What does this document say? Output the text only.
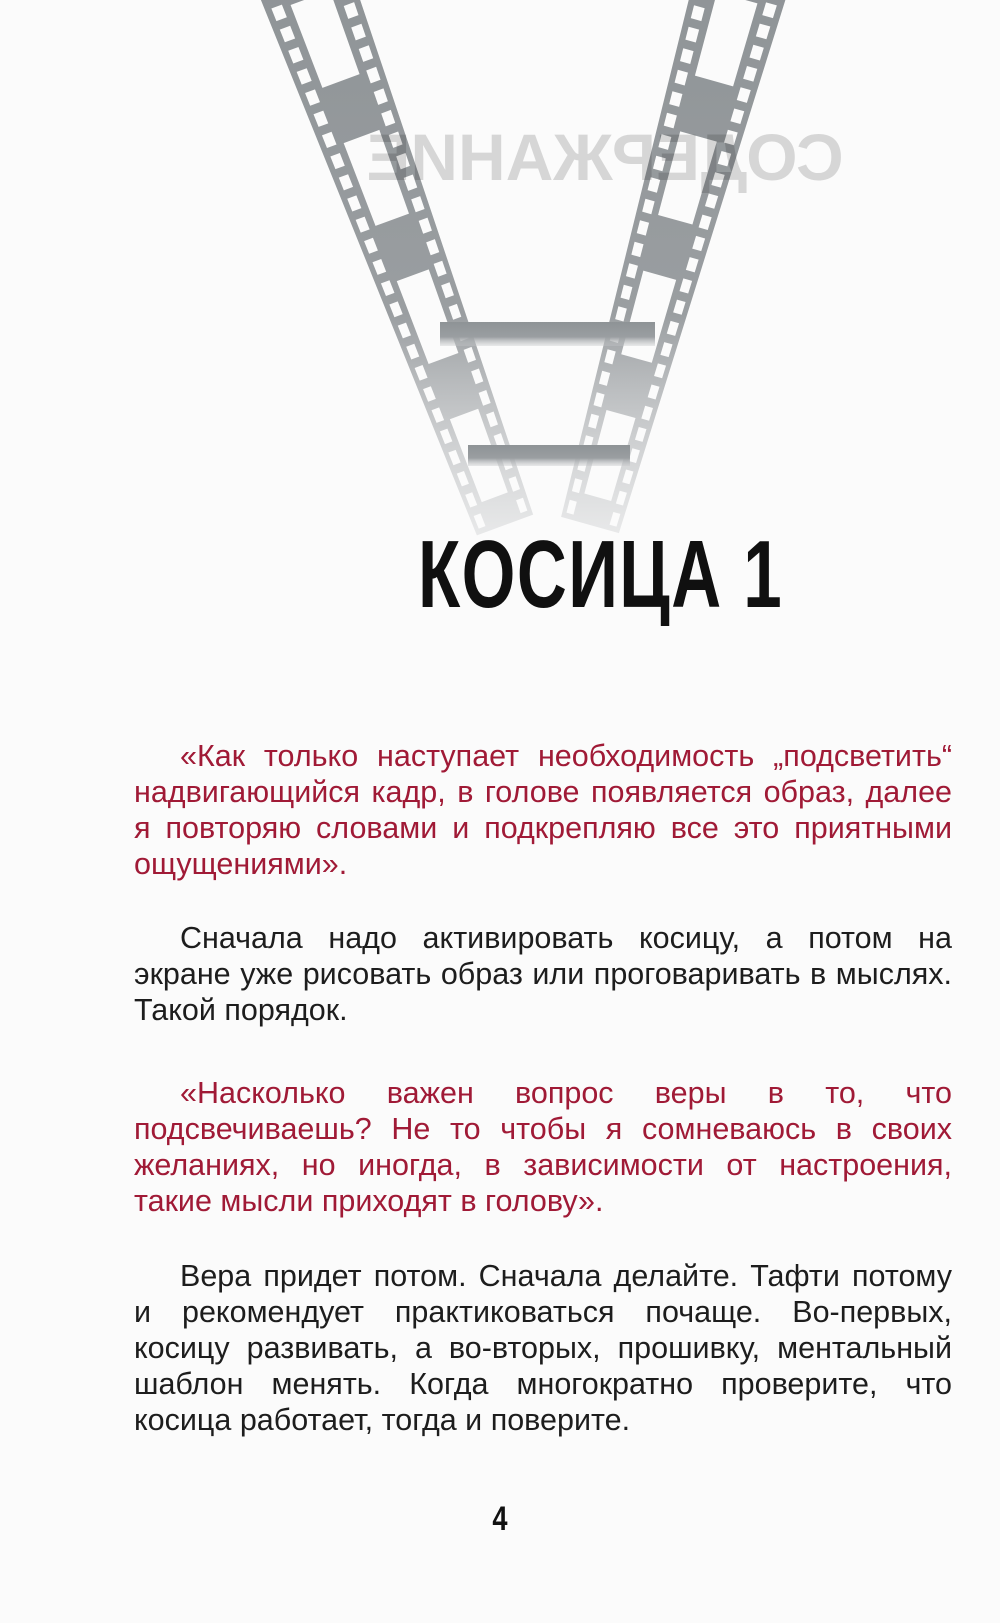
СОДЕРЖАНИЕ
КОСИЦА 1

«Как только наступает необходимость „подсветить“ надвигающийся кадр, в голове появляется образ, далее я повторяю словами и подкрепляю все это приятными ощущениями».

Сначала надо активировать косицу, а потом на экране уже рисовать образ или проговаривать в мыслях. Такой порядок.

«Насколько важен вопрос веры в то, что подсвечиваешь? Не то чтобы я сомневаюсь в своих желаниях, но иногда, в зависимости от настроения, такие мысли приходят в голову».

Вера придет потом. Сначала делайте. Тафти потому и рекомендует практиковаться почаще. Во-первых, косицу развивать, а во-вторых, прошивку, ментальный шаблон менять. Когда многократно проверите, что косица работает, тогда и поверите.

4
